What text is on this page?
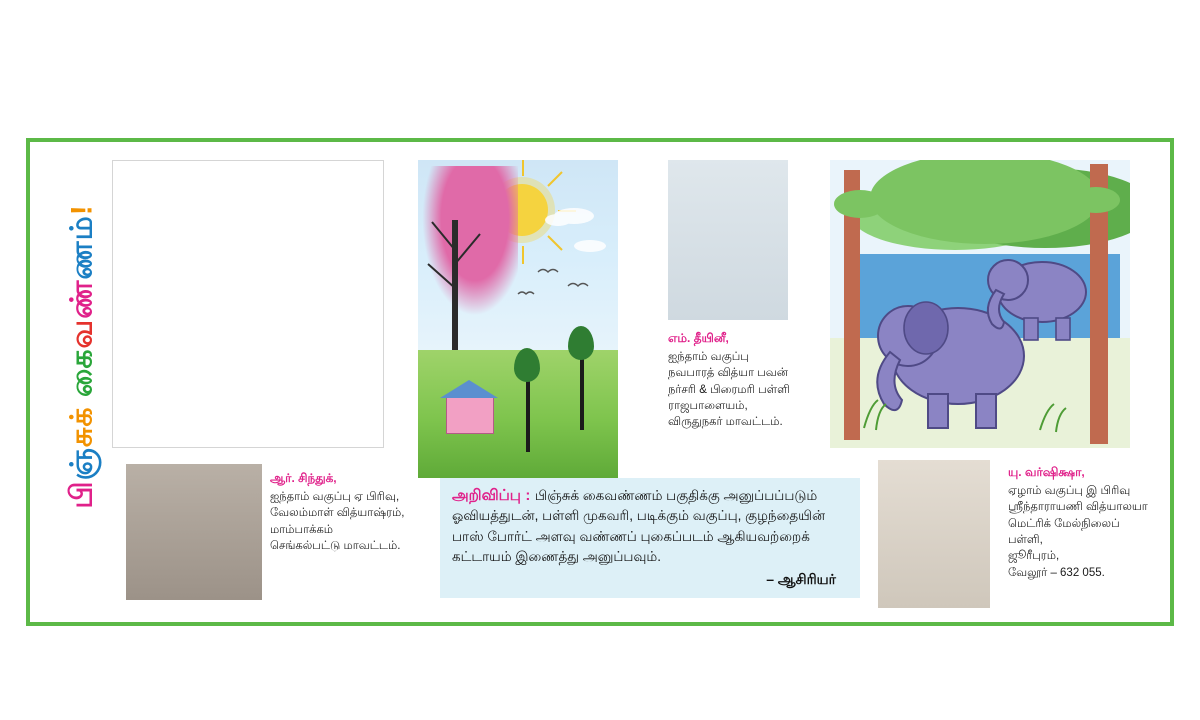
பிஞ்சுக் கைவண்ணம்!
எம். தீயினீ,
ஐந்தாம் வகுப்பு
நவபாரத் வித்யா பவன்
நர்சரி & பிரைமரி பள்ளி
ராஜபாளையம்,
விருதுநகர் மாவட்டம்.
ஆர். சிந்துக்,
ஐந்தாம் வகுப்பு ஏ பிரிவு,
வேலம்மாள் வித்யாஷ்ரம்,
மாம்பாக்கம்
செங்கல்பட்டு மாவட்டம்.
யு. வர்ஷிக்ஷா,
ஏழாம் வகுப்பு இ பிரிவு
ஸ்ரீந்தாராயணி வித்யாலயா
மெட்ரிக் மேல்நிலைப்
பள்ளி,
ஜூரீபுரம்,
வேலூர் – 632 055.
அறிவிப்பு : பிஞ்சுக் கைவண்ணம் பகுதிக்கு அனுப்பப்படும் ஓவியத்துடன், பள்ளி முகவரி, படிக்கும் வகுப்பு, குழந்தையின் பாஸ் போர்ட் அளவு வண்ணப் புகைப்படம் ஆகியவற்றைக் கட்டாயம் இணைத்து அனுப்பவும்.
– ஆசிரியர்
